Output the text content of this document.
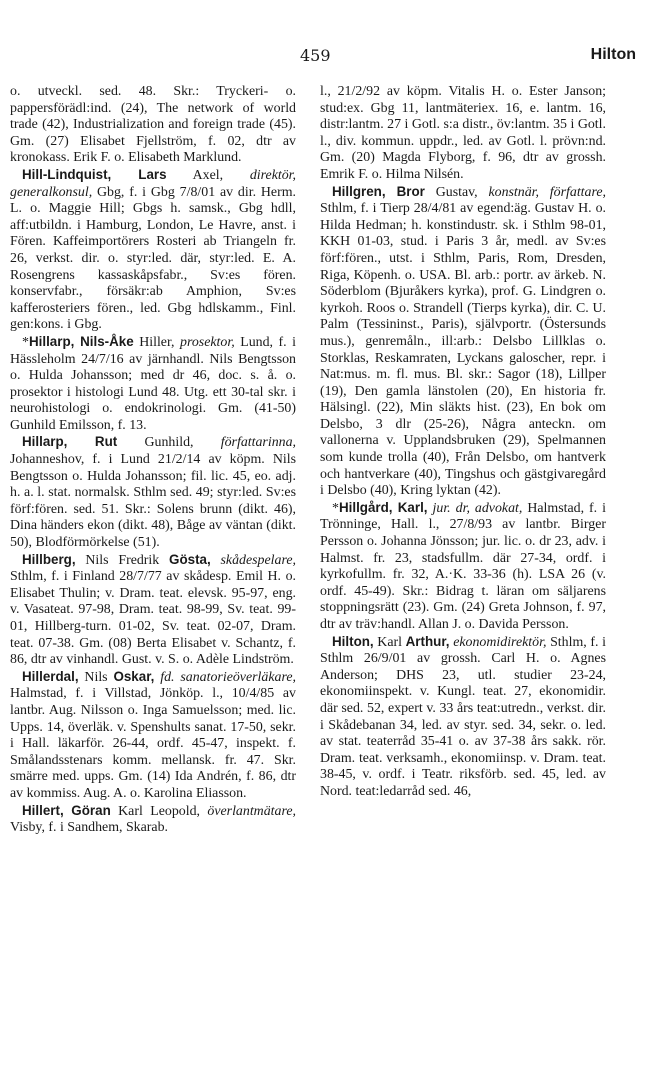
459	Hilton

o. utveckl. sed. 48. Skr.: Tryckeri- o. pappersförädl:ind. (24), The network of world trade (42), Industrialization and foreign trade (45). Gm. (27) Elisabet Fjellström, f. 02, dtr av kronokass. Erik F. o. Elisabeth Marklund.

Hill-Lindquist, Lars Axel, direktör, generalkonsul, Gbg, f. i Gbg 7/8/01 av dir. Herm. L. o. Maggie Hill; Gbgs h. samsk., Gbg hdll, aff:utbildn. i Hamburg, London, Le Havre, anst. i Fören. Kaffeimportörers Rosteri ab Triangeln fr. 26, verkst. dir. o. styr:led. där, styr:led. E. A. Rosengrens kassaskåpsfabr., Sv:es fören. konservfabr., försäkr:ab Amphion, Sv:es kafferosteriers fören., led. Gbg hdlskamm., Finl. gen:kons. i Gbg.

*Hillarp, Nils-Åke Hiller, prosektor, Lund, f. i Hässleholm 24/7/16 av järnhandl. Nils Bengtsson o. Hulda Johansson; med dr 46, doc. s. å. o. prosektor i histologi Lund 48. Utg. ett 30-tal skr. i neurohistologi o. endokrinologi. Gm. (41-50) Gunhild Emilsson, f. 13.

Hillarp, Rut Gunhild, författarinna, Johanneshov, f. i Lund 21/2/14 av köpm. Nils Bengtsson o. Hulda Johansson; fil. lic. 45, eo. adj. h. a. l. stat. normalsk. Sthlm sed. 49; styr:led. Sv:es förf:fören. sed. 51. Skr.: Solens brunn (dikt. 46), Dina händers ekon (dikt. 48), Båge av väntan (dikt. 50), Blodförmörkelse (51).

Hillberg, Nils Fredrik Gösta, skådespelare, Sthlm, f. i Finland 28/7/77 av skådesp. Emil H. o. Elisabet Thulin; v. Dram. teat. elevsk. 95-97, eng. v. Vasateat. 97-98, Dram. teat. 98-99, Sv. teat. 99-01, Hillberg-turn. 01-02, Sv. teat. 02-07, Dram. teat. 07-38. Gm. (08) Berta Elisabet v. Schantz, f. 86, dtr av vinhandl. Gust. v. S. o. Adèle Lindström.

Hillerdal, Nils Oskar, fd. sanatorieöverläkare, Halmstad, f. i Villstad, Jönköp. l., 10/4/85 av lantbr. Aug. Nilsson o. Inga Samuelsson; med. lic. Upps. 14, överläk. v. Spenshults sanat. 17-50, sekr. i Hall. läkarför. 26-44, ordf. 45-47, inspekt. f. Smålandsstenars komm. mellansk. fr. 47. Skr. smärre med. upps. Gm. (14) Ida Andrén, f. 86, dtr av kommiss. Aug. A. o. Karolina Eliasson.

Hillert, Göran Karl Leopold, överlantmätare, Visby, f. i Sandhem, Skarab.

l., 21/2/92 av köpm. Vitalis H. o. Ester Janson; stud:ex. Gbg 11, lantmäteriex. 16, e. lantm. 16, distr:lantm. 27 i Gotl. s:a distr., öv:lantm. 35 i Gotl. l., div. kommun. uppdr., led. av Gotl. l. prövn:nd. Gm. (20) Magda Flyborg, f. 96, dtr av grossh. Emrik F. o. Hilma Nilsén.

Hillgren, Bror Gustav, konstnär, författare, Sthlm, f. i Tierp 28/4/81 av egend:äg. Gustav H. o. Hilda Hedman; h. konstindustr. sk. i Sthlm 98-01, KKH 01-03, stud. i Paris 3 år, medl. av Sv:es förf:fören., utst. i Sthlm, Paris, Rom, Dresden, Riga, Köpenh. o. USA. Bl. arb.: portr. av ärkeb. N. Söderblom (Bjuråkers kyrka), prof. G. Lindgren o. kyrkoh. Roos o. Strandell (Tierps kyrka), dir. C. U. Palm (Tessininst., Paris), självportr. (Östersunds mus.), genremåln., ill:arb.: Delsbo Lillklas o. Storklas, Reskamraten, Lyckans galoscher, repr. i Nat:mus. m. fl. mus. Bl. skr.: Sagor (18), Lillper (19), Den gamla länstolen (20), En historia fr. Hälsingl. (22), Min släkts hist. (23), En bok om Delsbo, 3 dlr (25-26), Några anteckn. om vallonerna v. Upplandsbruken (29), Spelmannen som kunde trolla (40), Från Delsbo, om hantverk och hantverkare (40), Tingshus och gästgivaregård i Delsbo (40), Kring lyktan (42).

*Hillgård, Karl, jur. dr, advokat, Halmstad, f. i Trönninge, Hall. l., 27/8/93 av lantbr. Birger Persson o. Johanna Jönsson; jur. lic. o. dr 23, adv. i Halmst. fr. 23, stadsfullm. där 27-34, ordf. i kyrkofullm. fr. 32, A.·K. 33-36 (h). LSA 26 (v. ordf. 45-49). Skr.: Bidrag t. läran om säljarens stoppningsrätt (23). Gm. (24) Greta Johnson, f. 97, dtr av träv:handl. Allan J. o. Davida Persson.

Hilton, Karl Arthur, ekonomidirektör, Sthlm, f. i Sthlm 26/9/01 av grossh. Carl H. o. Agnes Anderson; DHS 23, utl. studier 23-24, ekonomiinspekt. v. Kungl. teat. 27, ekonomidir. där sed. 52, expert v. 33 års teat:utredn., verkst. dir. i Skådebanan 34, led. av styr. sed. 34, sekr. o. led. av stat. teaterråd 35-41 o. av 37-38 års sakk. rör. Dram. teat. verksamh., ekonomiinsp. v. Dram. teat. 38-45, v. ordf. i Teatr. riksförb. sed. 45, led. av Nord. teat:ledarråd sed. 46,
